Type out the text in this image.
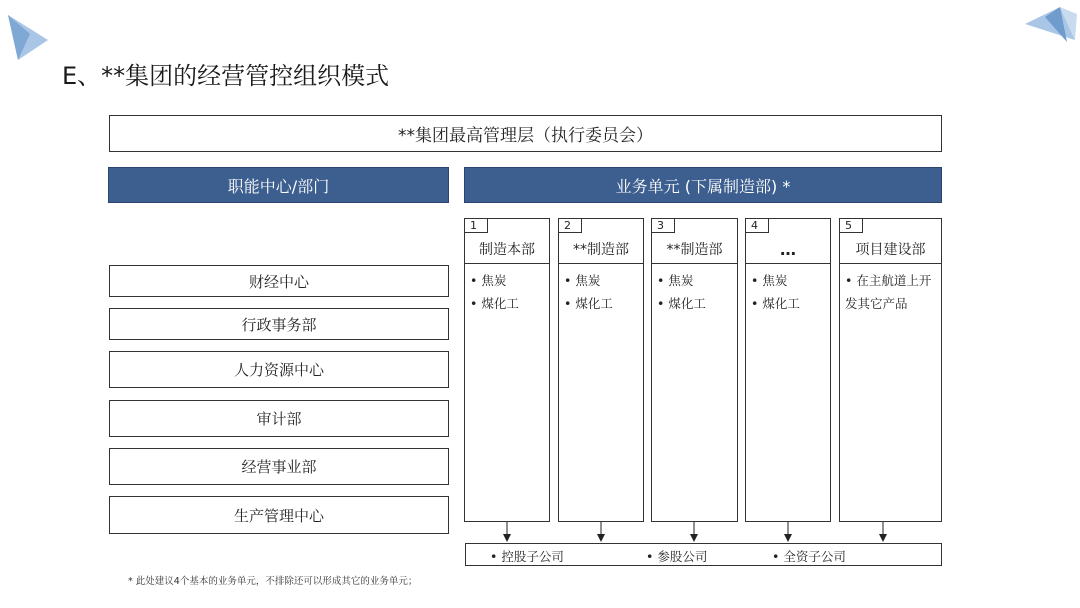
E、**集团的经营管控组织模式
**集团最高管理层（执行委员会）
职能中心/部门	业务单元 (下属制造部) *
财经中心
行政事务部
人力资源中心
审计部
经营事业部
生产管理中心
1
制造本部
• 焦炭
• 煤化工
2
**制造部
• 焦炭
• 煤化工
3
**制造部
• 焦炭
• 煤化工
4
…
• 焦炭
• 煤化工
5
项目建设部
• 在主航道上开发其它产品
• 控股子公司	• 参股公司	• 全资子公司
* 此处建议4个基本的业务单元，不排除还可以形成其它的业务单元；
